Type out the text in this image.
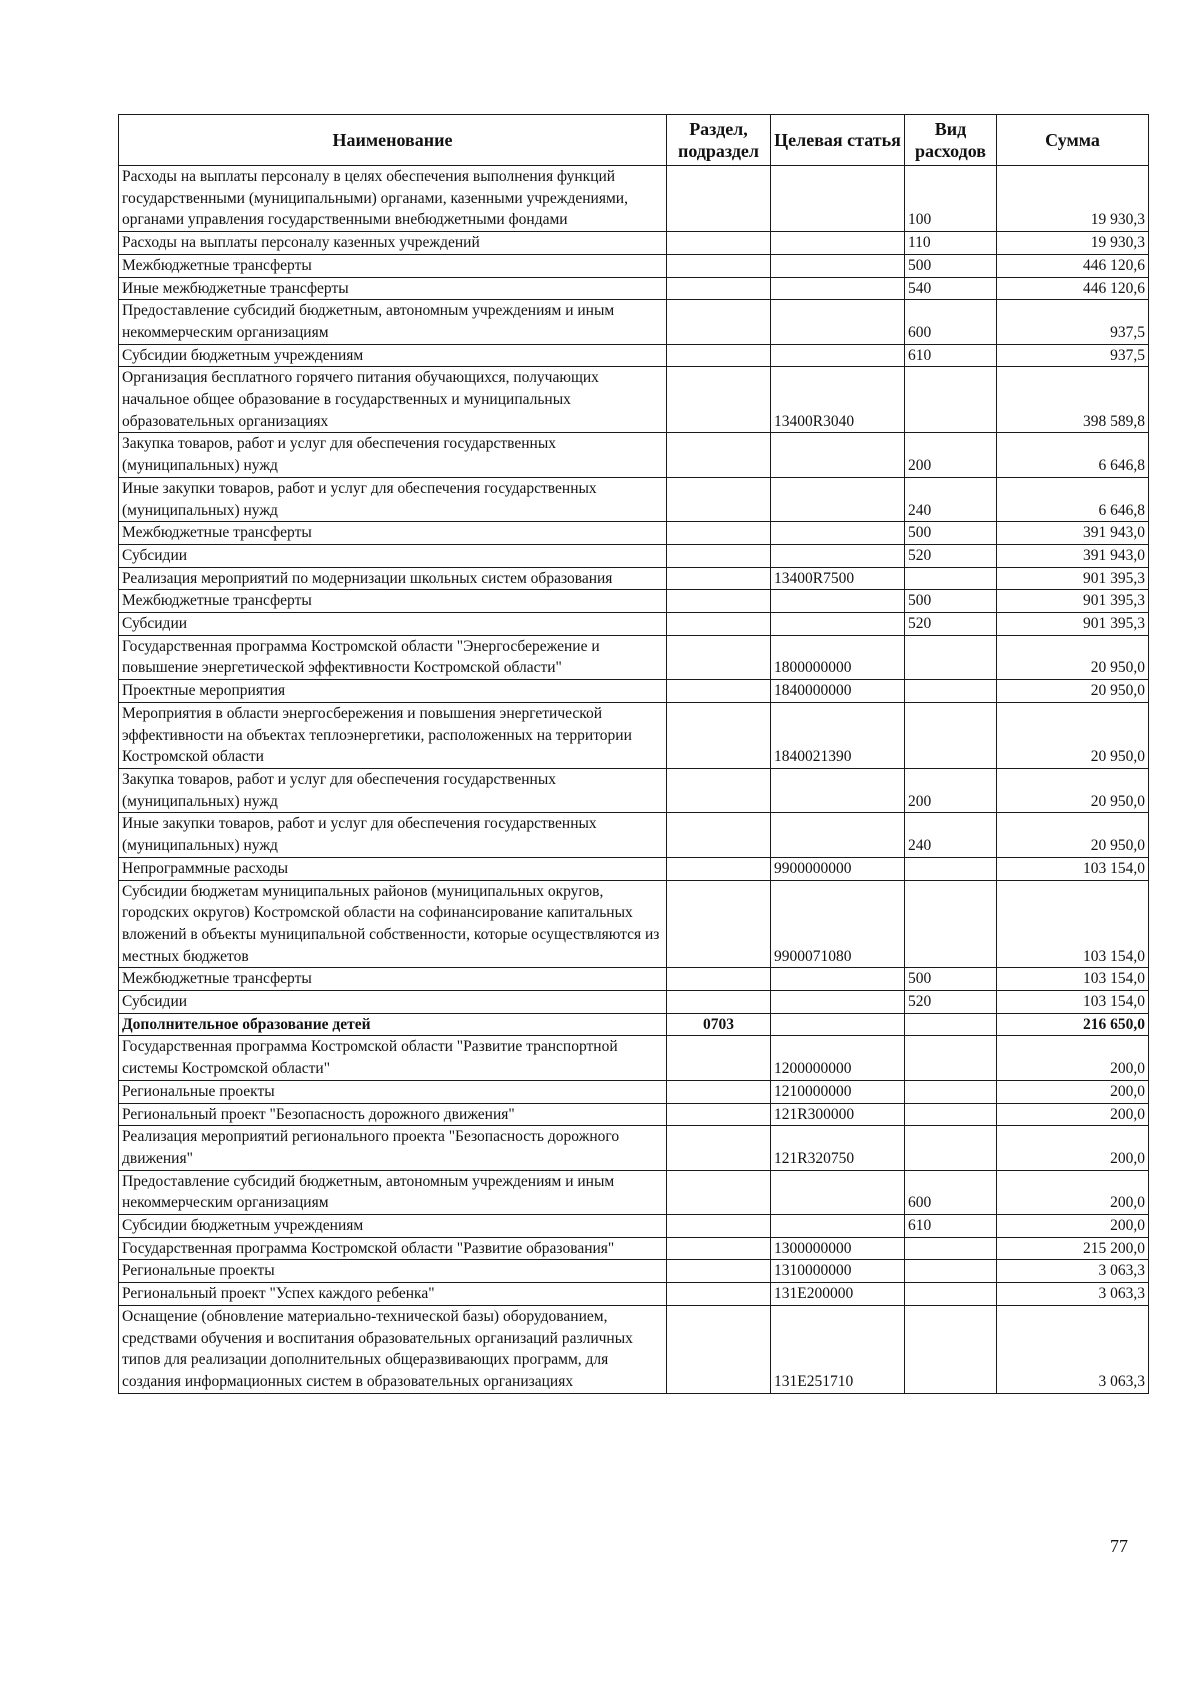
Наименование	Раздел, подраздел	Целевая статья	Вид расходов	Сумма
Расходы на выплаты персоналу в целях обеспечения выполнения функций государственными (муниципальными) органами, казенными учреждениями, органами управления государственными внебюджетными фондами			100	19 930,3
Расходы на выплаты персоналу казенных учреждений			110	19 930,3
Межбюджетные трансферты			500	446 120,6
Иные межбюджетные трансферты			540	446 120,6
Предоставление субсидий бюджетным, автономным учреждениям и иным некоммерческим организациям			600	937,5
Субсидии бюджетным учреждениям			610	937,5
Организация бесплатного горячего питания обучающихся, получающих начальное общее образование в государственных и муниципальных образовательных организациях		13400R3040		398 589,8
Закупка товаров, работ и услуг для обеспечения государственных (муниципальных) нужд			200	6 646,8
Иные закупки товаров, работ и услуг для обеспечения государственных (муниципальных) нужд			240	6 646,8
Межбюджетные трансферты			500	391 943,0
Субсидии			520	391 943,0
Реализация мероприятий по модернизации школьных систем образования		13400R7500		901 395,3
Межбюджетные трансферты			500	901 395,3
Субсидии			520	901 395,3
Государственная программа Костромской области "Энергосбережение и повышение энергетической эффективности Костромской области"		1800000000		20 950,0
Проектные мероприятия		1840000000		20 950,0
Мероприятия в области энергосбережения и повышения энергетической эффективности на объектах теплоэнергетики, расположенных на территории Костромской области		1840021390		20 950,0
Закупка товаров, работ и услуг для обеспечения государственных (муниципальных) нужд			200	20 950,0
Иные закупки товаров, работ и услуг для обеспечения государственных (муниципальных) нужд			240	20 950,0
Непрограммные расходы		9900000000		103 154,0
Субсидии бюджетам муниципальных районов (муниципальных округов, городских округов) Костромской области на софинансирование капитальных вложений в объекты муниципальной собственности, которые осуществляются из местных бюджетов		9900071080		103 154,0
Межбюджетные трансферты			500	103 154,0
Субсидии			520	103 154,0
Дополнительное образование детей	0703			216 650,0
Государственная программа Костромской области "Развитие транспортной системы Костромской области"		1200000000		200,0
Региональные проекты		1210000000		200,0
Региональный проект "Безопасность дорожного движения"		121R300000		200,0
Реализация мероприятий регионального проекта "Безопасность дорожного движения"		121R320750		200,0
Предоставление субсидий бюджетным, автономным учреждениям и иным некоммерческим организациям			600	200,0
Субсидии бюджетным учреждениям			610	200,0
Государственная программа Костромской области "Развитие образования"		1300000000		215 200,0
Региональные проекты		1310000000		3 063,3
Региональный проект "Успех каждого ребенка"		131E200000		3 063,3
Оснащение (обновление материально-технической базы) оборудованием, средствами обучения и воспитания образовательных организаций различных типов для реализации дополнительных общеразвивающих программ, для создания информационных систем в образовательных организациях		131E251710		3 063,3
77
